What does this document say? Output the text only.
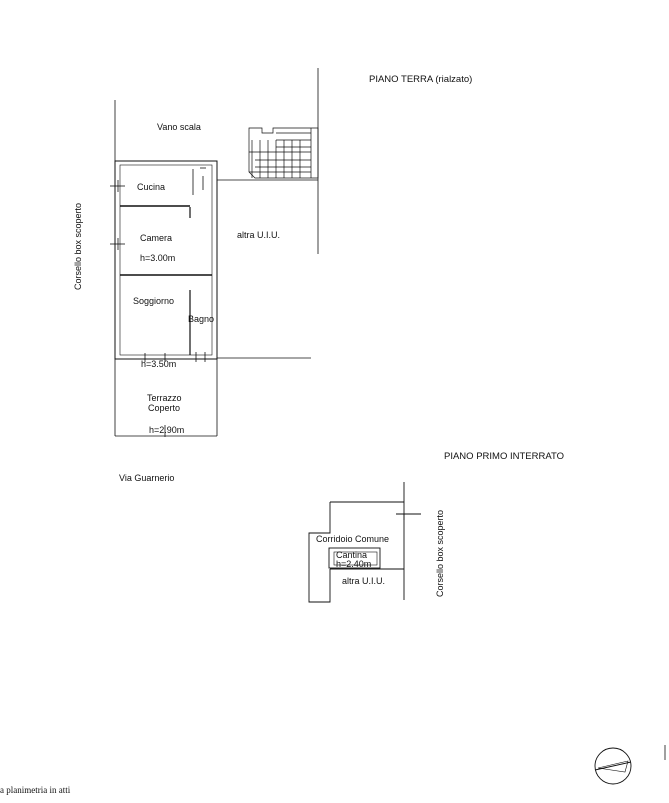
PIANO TERRA (rialzato)
Vano scala
Corsello box scoperto
Cucina
Camera
h=3.00m
altra U.I.U.
Soggiorno
Bagno
h=3.50m
Terrazzo
Coperto
h=2.90m
Via Guarnerio
PIANO PRIMO INTERRATO
Corridoio Comune
Cantina
h=2.40m
altra U.I.U.	Corsello box scoperto
a planimetria in atti
